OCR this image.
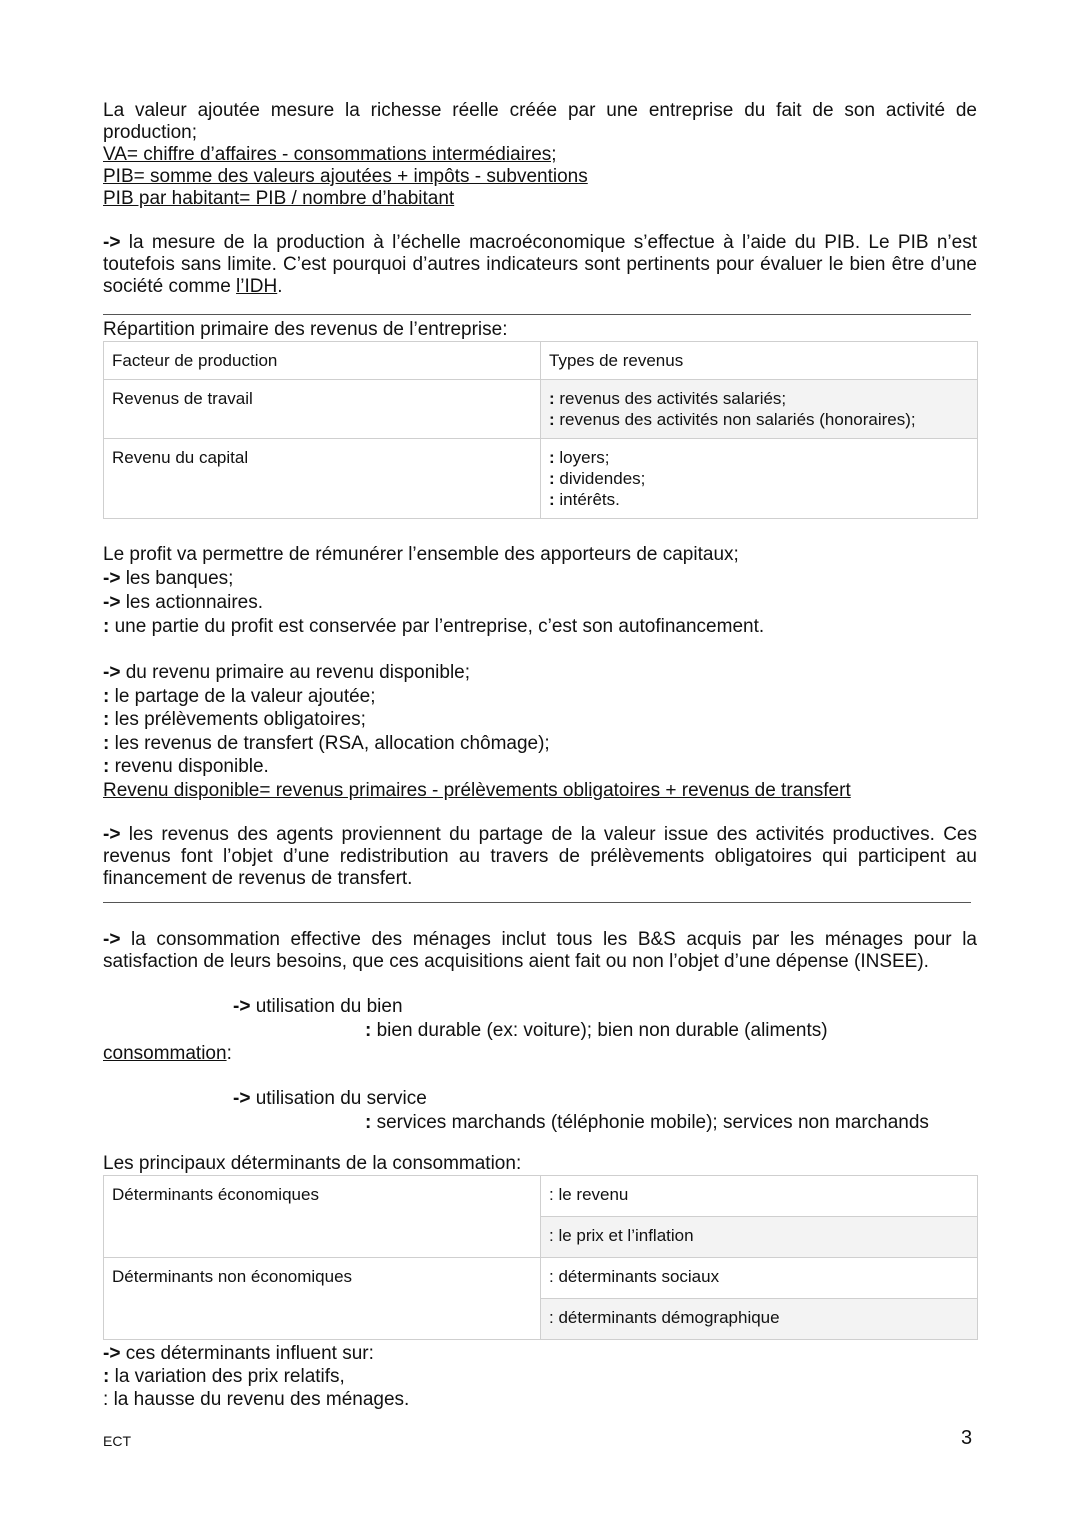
La valeur ajoutée mesure la richesse réelle créée par une entreprise du fait de son activité de production;

VA= chiffre d’affaires - consommations intermédiaires;

PIB= somme des valeurs ajoutées + impôts - subventions

PIB par habitant= PIB / nombre d’habitant

-> la mesure de la production à l’échelle macroéconomique s’effectue à l’aide du PIB. Le PIB n’est toutefois sans limite. C’est pourquoi d’autres indicateurs sont pertinents pour évaluer le bien être d’une société comme l’IDH.

Répartition primaire des revenus de l’entreprise:

Facteur de production	Types de revenus
Revenus de travail	: revenus des activités salariés;
: revenus des activités non salariés (honoraires);

Revenu du capital	: loyers;
: dividendes;
: intérêts.

Le profit va permettre de rémunérer l’ensemble des apporteurs de capitaux;

-> les banques;

-> les actionnaires.

: une partie du profit est conservée par l’entreprise, c’est son autofinancement.

-> du revenu primaire au revenu disponible;

: le partage de la valeur ajoutée;

: les prélèvements obligatoires;

: les revenus de transfert (RSA, allocation chômage);

: revenu disponible.

Revenu disponible= revenus primaires - prélèvements obligatoires + revenus de transfert

-> les revenus des agents proviennent du partage de la valeur issue des activités productives. Ces revenus font l’objet d’une redistribution au travers de prélèvements obligatoires qui participent au financement de revenus de transfert.

-> la consommation effective des ménages inclut tous les B&S acquis par les ménages pour la satisfaction de leurs besoins, que ces acquisitions aient fait ou non l’objet d’une dépense (INSEE).

-> utilisation du bien

: bien durable (ex: voiture); bien non durable (aliments)

consommation:

-> utilisation du service

: services marchands (téléphonie mobile); services non marchands

Les principaux déterminants de la consommation:

Déterminants économiques	: le revenu
	: le prix et l’inflation
Déterminants non économiques	: déterminants sociaux
	: déterminants démographique

-> ces déterminants influent sur:

: la variation des prix relatifs,

: la hausse du revenu des ménages.

ECT	3
